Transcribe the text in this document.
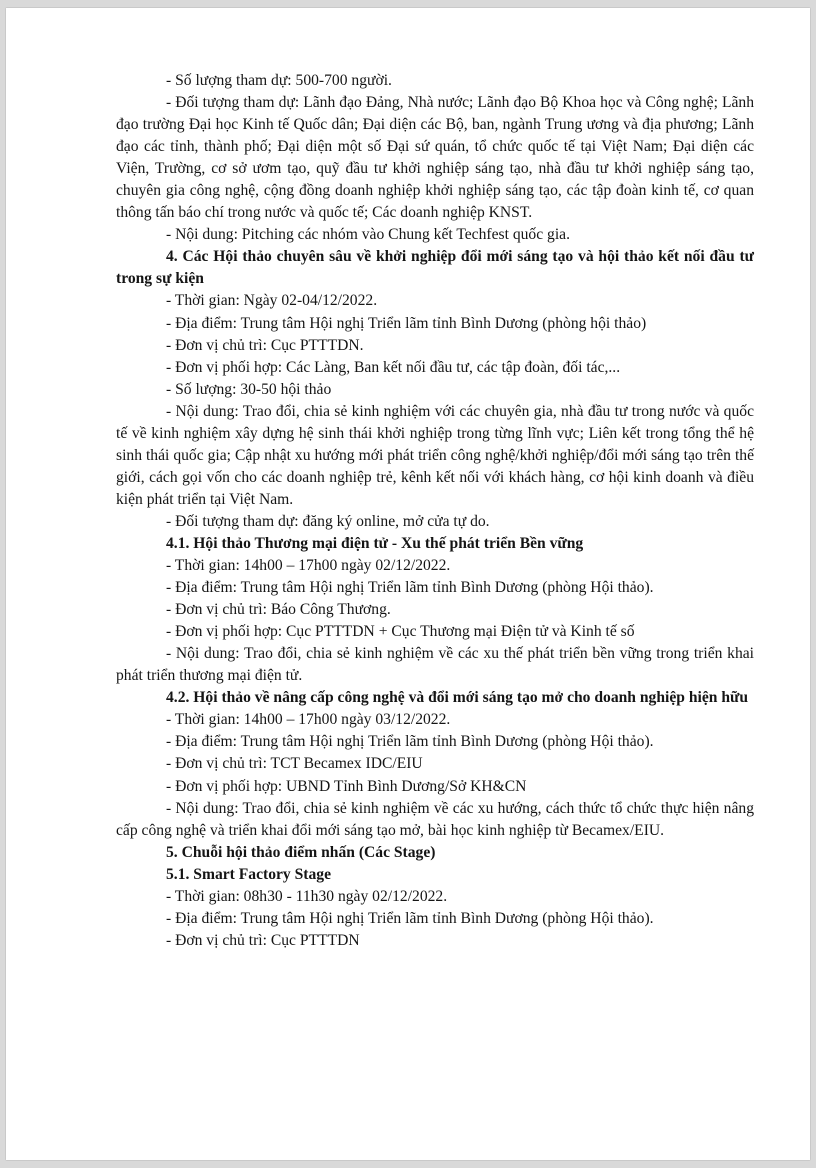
- Số lượng tham dự: 500-700 người.

- Đối tượng tham dự: Lãnh đạo Đảng, Nhà nước; Lãnh đạo Bộ Khoa học và Công nghệ; Lãnh đạo trường Đại học Kinh tế Quốc dân; Đại diện các Bộ, ban, ngành Trung ương và địa phương; Lãnh đạo các tỉnh, thành phố; Đại diện một số Đại sứ quán, tổ chức quốc tế tại Việt Nam; Đại diện các Viện, Trường, cơ sở ươm tạo, quỹ đầu tư khởi nghiệp sáng tạo, nhà đầu tư khởi nghiệp sáng tạo, chuyên gia công nghệ, cộng đồng doanh nghiệp khởi nghiệp sáng tạo, các tập đoàn kinh tế, cơ quan thông tấn báo chí trong nước và quốc tế; Các doanh nghiệp KNST.

- Nội dung: Pitching các nhóm vào Chung kết Techfest quốc gia.

4. Các Hội thảo chuyên sâu về khởi nghiệp đổi mới sáng tạo và hội thảo kết nối đầu tư trong sự kiện

- Thời gian: Ngày 02-04/12/2022.

- Địa điểm: Trung tâm Hội nghị Triển lãm tỉnh Bình Dương (phòng hội thảo)

- Đơn vị chủ trì: Cục PTTTDN.

- Đơn vị phối hợp: Các Làng, Ban kết nối đầu tư, các tập đoàn, đối tác,...

- Số lượng: 30-50 hội thảo

- Nội dung: Trao đổi, chia sẻ kinh nghiệm với các chuyên gia, nhà đầu tư trong nước và quốc tế về kinh nghiệm xây dựng hệ sinh thái khởi nghiệp trong từng lĩnh vực; Liên kết trong tổng thể hệ sinh thái quốc gia; Cập nhật xu hướng mới phát triển công nghệ/khởi nghiệp/đổi mới sáng tạo trên thế giới, cách gọi vốn cho các doanh nghiệp trẻ, kênh kết nối với khách hàng, cơ hội kinh doanh và điều kiện phát triển tại Việt Nam.

- Đối tượng tham dự: đăng ký online, mở cửa tự do.

4.1. Hội thảo Thương mại điện tử - Xu thế phát triển Bền vững

- Thời gian: 14h00 – 17h00 ngày 02/12/2022.

- Địa điểm: Trung tâm Hội nghị Triển lãm tỉnh Bình Dương (phòng Hội thảo).

- Đơn vị chủ trì: Báo Công Thương.

- Đơn vị phối hợp: Cục PTTTDN + Cục Thương mại Điện tử và Kinh tế số

- Nội dung: Trao đổi, chia sẻ kinh nghiệm về các xu thế phát triển bền vững trong triển khai phát triển thương mại điện tử.

4.2. Hội thảo về nâng cấp công nghệ và đổi mới sáng tạo mở cho doanh nghiệp hiện hữu

- Thời gian: 14h00 – 17h00 ngày 03/12/2022.

- Địa điểm: Trung tâm Hội nghị Triển lãm tỉnh Bình Dương (phòng Hội thảo).

- Đơn vị chủ trì: TCT Becamex IDC/EIU

- Đơn vị phối hợp: UBND Tỉnh Bình Dương/Sở KH&CN

- Nội dung: Trao đổi, chia sẻ kinh nghiệm về các xu hướng, cách thức tổ chức thực hiện nâng cấp công nghệ và triển khai đổi mới sáng tạo mở, bài học kinh nghiệp từ Becamex/EIU.

5. Chuỗi hội thảo điểm nhấn (Các Stage)

5.1. Smart Factory Stage

- Thời gian: 08h30 - 11h30 ngày 02/12/2022.

- Địa điểm: Trung tâm Hội nghị Triển lãm tỉnh Bình Dương (phòng Hội thảo).

- Đơn vị chủ trì: Cục PTTTDN
